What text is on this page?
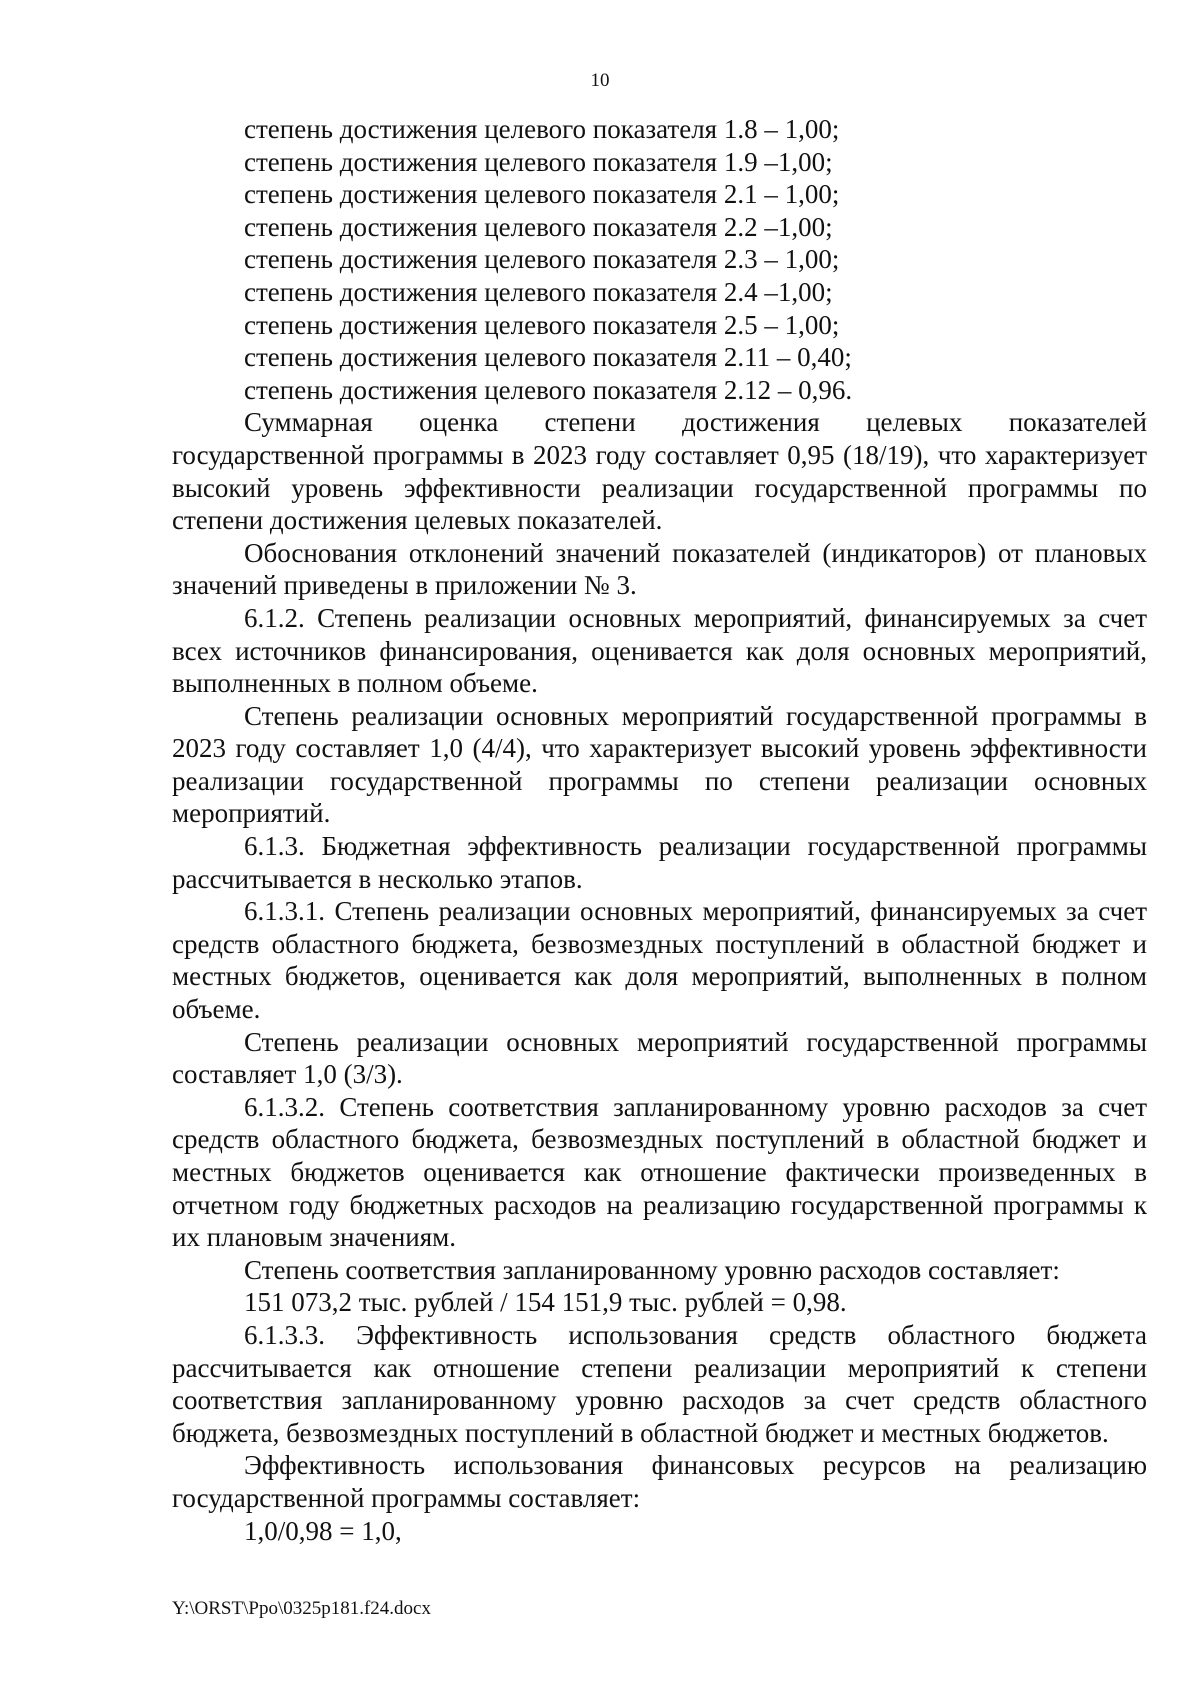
10

степень достижения целевого показателя 1.8 – 1,00;

степень достижения целевого показателя 1.9 –1,00;

степень достижения целевого показателя 2.1 – 1,00;

степень достижения целевого показателя 2.2 –1,00;

степень достижения целевого показателя 2.3 – 1,00;

степень достижения целевого показателя 2.4 –1,00;

степень достижения целевого показателя 2.5 – 1,00;

степень достижения целевого показателя 2.11 – 0,40;

степень достижения целевого показателя 2.12 – 0,96.

Суммарная оценка степени достижения целевых показателей государственной программы в 2023 году составляет 0,95 (18/19), что характеризует высокий уровень эффективности реализации государственной программы по степени достижения целевых показателей.

Обоснования отклонений значений показателей (индикаторов) от плановых значений приведены в приложении № 3.

6.1.2. Степень реализации основных мероприятий, финансируемых за счет всех источников финансирования, оценивается как доля основных мероприятий, выполненных в полном объеме.

Степень реализации основных мероприятий государственной программы в 2023 году составляет 1,0 (4/4), что характеризует высокий уровень эффективности реализации государственной программы по степени реализации основных мероприятий.

6.1.3. Бюджетная эффективность реализации государственной программы рассчитывается в несколько этапов.

6.1.3.1. Степень реализации основных мероприятий, финансируемых за счет средств областного бюджета, безвозмездных поступлений в областной бюджет и местных бюджетов, оценивается как доля мероприятий, выполненных в полном объеме.

Степень реализации основных мероприятий государственной программы составляет 1,0 (3/3).

6.1.3.2. Степень соответствия запланированному уровню расходов за счет средств областного бюджета, безвозмездных поступлений в областной бюджет и местных бюджетов оценивается как отношение фактически произведенных в отчетном году бюджетных расходов на реализацию государственной программы к их плановым значениям.

Степень соответствия запланированному уровню расходов составляет:

151 073,2 тыс. рублей / 154 151,9 тыс. рублей = 0,98.

6.1.3.3. Эффективность использования средств областного бюджета рассчитывается как отношение степени реализации мероприятий к степени соответствия запланированному уровню расходов за счет средств областного бюджета, безвозмездных поступлений в областной бюджет и местных бюджетов.

Эффективность использования финансовых ресурсов на реализацию государственной программы составляет:

1,0/0,98 = 1,0,

Y:\ORST\Ppo\0325p181.f24.docx
